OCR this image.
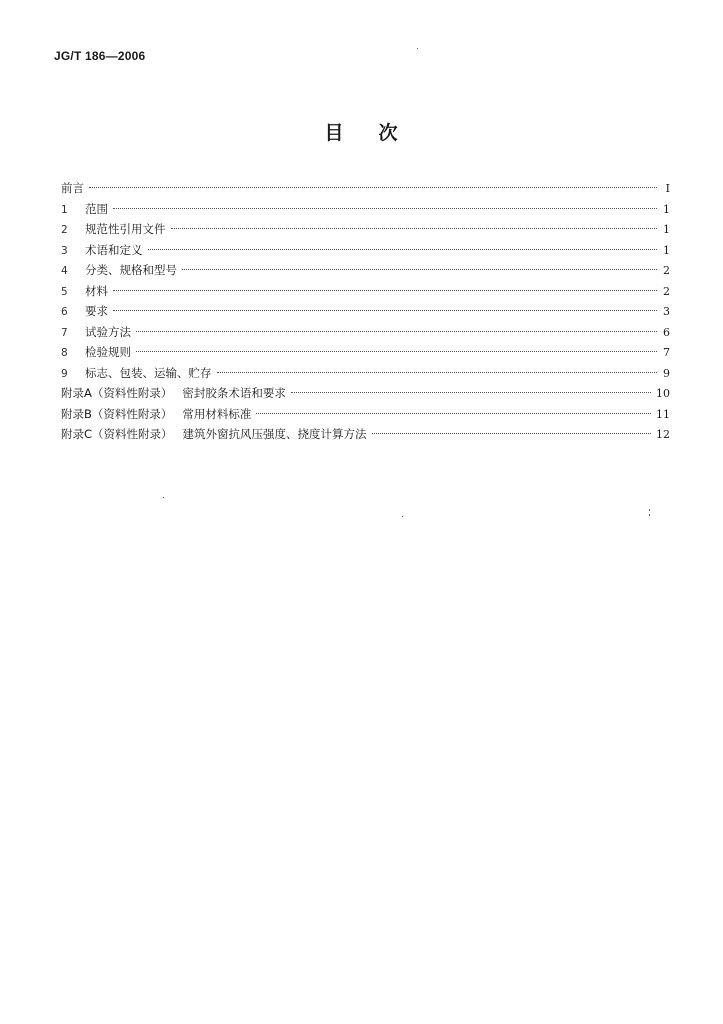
JG/T 186—2006
目 次
前言	I
1	范围	1
2	规范性引用文件	1
3	术语和定义	1
4	分类、规格和型号	2
5	材料	2
6	要求	3
7	试验方法	6
8	检验规则	7
9	标志、包装、运输、贮存	9
附录A（资料性附录） 密封胶条术语和要求	10
附录B（资料性附录） 常用材料标准	11
附录C（资料性附录） 建筑外窗抗风压强度、挠度计算方法	12
